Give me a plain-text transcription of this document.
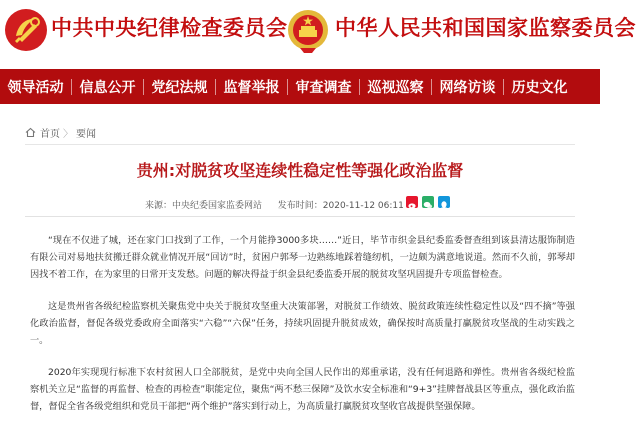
中共中央纪律检查委员会 中华人民共和国国家监察委员会
领导活动	信息公开	党纪法规	监督举报	审查调查	巡视巡察	网络访谈	历史文化
首页 〉 要闻
贵州:对脱贫攻坚连续性稳定性等强化政治监督
来源：中央纪委国家监委网站 发布时间：2020-11-12 06:11

“现在不仅进了城，还在家门口找到了工作，一个月能挣3000多块……”近日，毕节市织金县纪委监委督查组到该县清达服饰制造有限公司对易地扶贫搬迁群众就业情况开展“回访”时，贫困户郭琴一边熟练地踩着缝纫机，一边颇为满意地说道。然而不久前，郭琴却因找不着工作，在为家里的日常开支发愁。问题的解决得益于织金县纪委监委开展的脱贫攻坚巩固提升专项监督检查。

这是贵州省各级纪检监察机关聚焦党中央关于脱贫攻坚重大决策部署，对脱贫工作绩效、脱贫政策连续性稳定性以及“四不摘”等强化政治监督，督促各级党委政府全面落实“六稳”“六保”任务，持续巩固提升脱贫成效，确保按时高质量打赢脱贫攻坚战的生动实践之一。

2020年实现现行标准下农村贫困人口全部脱贫，是党中央向全国人民作出的郑重承诺，没有任何退路和弹性。贵州省各级纪检监察机关立足“监督的再监督、检查的再检查”职能定位，聚焦“两不愁三保障”及饮水安全标准和“9+3”挂牌督战县区等重点，强化政治监督，督促全省各级党组织和党员干部把“两个维护”落实到行动上，为高质量打赢脱贫攻坚收官战提供坚强保障。
